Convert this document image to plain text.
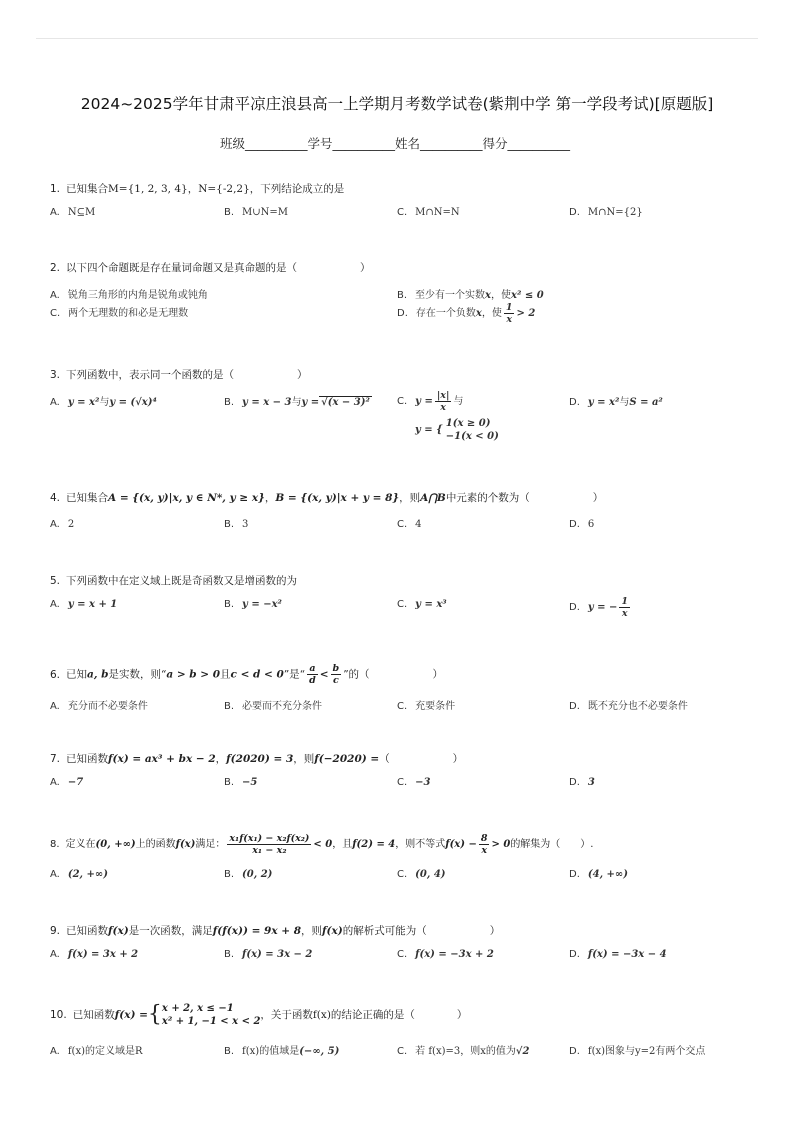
2024~2025学年甘肃平凉庄浪县高一上学期月考数学试卷(紫荆中学 第一学段考试)[原题版]
班级__________学号__________姓名__________得分__________
1. 已知集合M={1, 2, 3, 4}，N={-2,2}，下列结论成立的是
A. N⊆M	B. M∪N=M	C. M∩N=N	D. M∩N={2}
2. 以下四个命题既是存在量词命题又是真命题的是（　　　　　　）
A. 锐角三角形的内角是锐角或钝角	B. 至少有一个实数x，使x² ≤ 0
C. 两个无理数的和必是无理数	D. 存在一个负数x，使 $\frac{1}{x} > 2$
3. 下列函数中，表示同一个函数的是（　　　　　　）
A. y = x²与y = (√x)⁴	B. y = x − 3与y = √(x − 3)²	C. $y = \frac{|x|}{x}$ 与
y = {
1(x ≥ 0)
−1(x < 0)
D. y = x²与S = a²
4. 已知集合A = {(x, y)|x, y ∈ N*, y ≥ x}，B = {(x, y)|x + y = 8}，则A⋂B中元素的个数为（　　　　　　）
A. 2	B. 3	C. 4	D. 6
5. 下列函数中在定义域上既是奇函数又是增函数的为
A. y = x + 1	B. y = −x²	C. y = x³	D. y = − $\frac{1}{x}$
6. 已知a, b是实数，则“a > b > 0且c < d < 0”是“ $\frac{a}{d} < \frac{b}{c}$ ”的（　　　　　　）
A. 充分而不必要条件	B. 必要而不充分条件	C. 充要条件	D. 既不充分也不必要条件
7. 已知函数f(x) = ax³ + bx − 2，f(2020) = 3，则f(−2020) =（　　　　　　）
A. −7	B. −5	C. −3	D. 3
8. 定义在(0, +∞)上的函数f(x)满足： $\frac{\text{x₁f(x₁) − x₂f(x₂)}}{\text{x₁ − x₂}} < 0$，且f(2) = 4，则不等式$f(x) - \frac{8}{x} > 0$的解集为（　　）.
A. (2, +∞)	B. (0, 2)	C. (0, 4)	D. (4, +∞)
9. 已知函数f(x)是一次函数，满足f(f(x)) = 9x + 8，则f(x)的解析式可能为（　　　　　　）
A. f(x) = 3x + 2	B. f(x) = 3x − 2	C. f(x) = −3x + 2	D. f(x) = −3x − 4
10. 已知函数f(x) ={ x + 2, x ≤ −1
x² + 1, −1 < x < 2
，关于函数f(x)的结论正确的是（　　　　）
A. f(x)的定义域是R	B. f(x)的值域是(−∞, 5)	C. 若 f(x)=3，则x的值为√2	D. f(x)图象与y=2有两个交点
